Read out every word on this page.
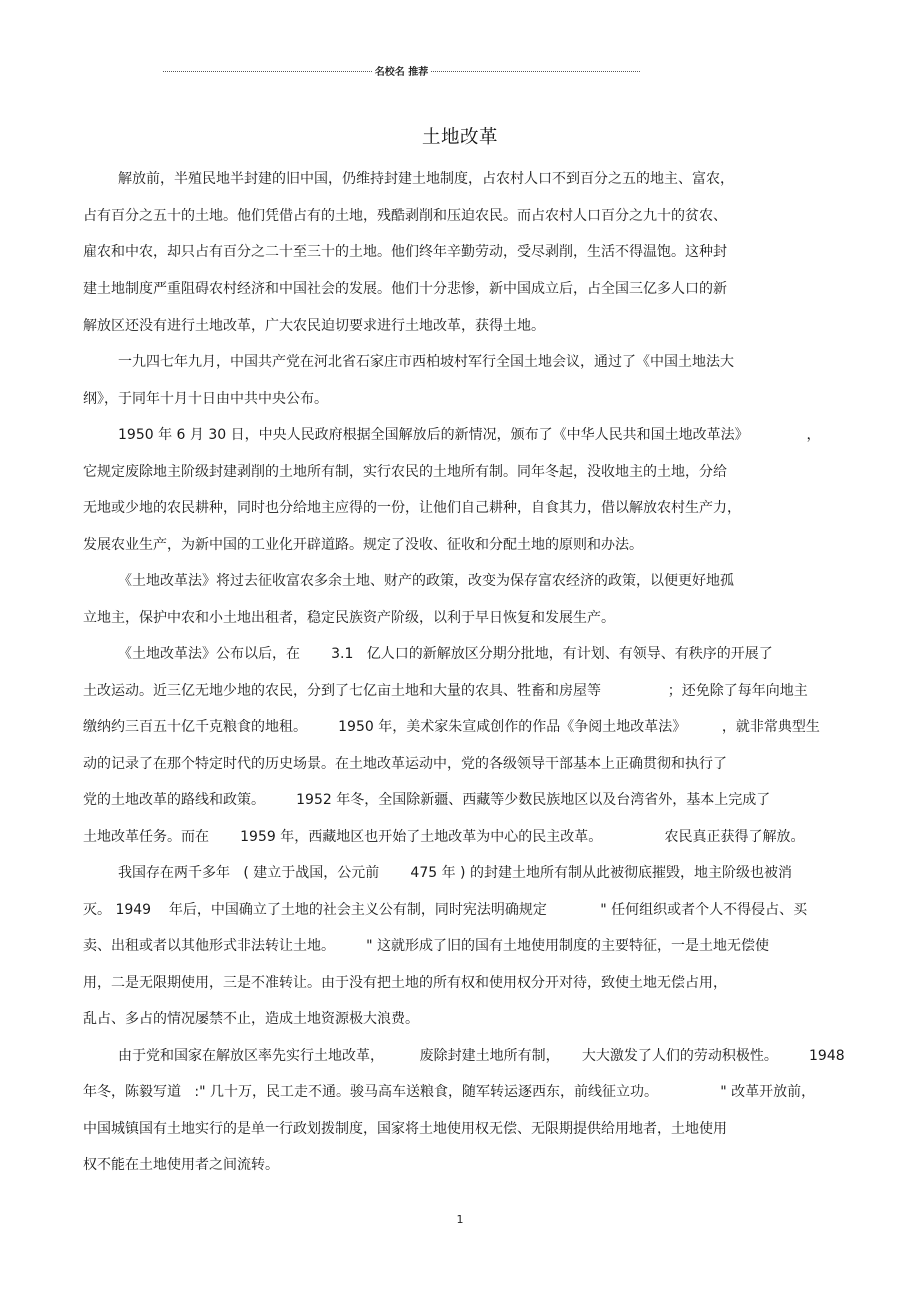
名校名 推荐
土地改革
解放前，半殖民地半封建的旧中国，仍维持封建土地制度，占农村人口不到百分之五的地主、富农，
占有百分之五十的土地。他们凭借占有的土地，残酷剥削和压迫农民。而占农村人口百分之九十的贫农、
雇农和中农，却只占有百分之二十至三十的土地。他们终年辛勤劳动，受尽剥削，生活不得温饱。这种封
建土地制度严重阻碍农村经济和中国社会的发展。他们十分悲惨，新中国成立后，占全国三亿多人口的新
解放区还没有进行土地改革，广大农民迫切要求进行土地改革，获得土地。
一九四七年九月，中国共产党在河北省石家庄市西柏坡村军行全国土地会议，通过了《中国土地法大
纲》，于同年十月十日由中共中央公布。
1950 年 6 月 30 日，中央人民政府根据全国解放后的新情况，颁布了《中华人民共和国土地改革法》             ，
它规定废除地主阶级封建剥削的土地所有制，实行农民的土地所有制。同年冬起，没收地主的土地，分给
无地或少地的农民耕种，同时也分给地主应得的一份，让他们自己耕种，自食其力，借以解放农村生产力，
发展农业生产，为新中国的工业化开辟道路。规定了没收、征收和分配土地的原则和办法。
《土地改革法》将过去征收富农多余土地、财产的政策，改变为保存富农经济的政策，以便更好地孤
立地主，保护中农和小土地出租者，稳定民族资产阶级，以利于早日恢复和发展生产。
《土地改革法》公布以后，在       3.1   亿人口的新解放区分期分批地，有计划、有领导、有秩序的开展了
土改运动。近三亿无地少地的农民，分到了七亿亩土地和大量的农具、牲畜和房屋等               ；还免除了每年向地主
缴纳约三百五十亿千克粮食的地租。       1950 年，美术家朱宣咸创作的作品《争阅土地改革法》        ，就非常典型生
动的记录了在那个特定时代的历史场景。在土地改革运动中，党的各级领导干部基本上正确贯彻和执行了
党的土地改革的路线和政策。       1952 年冬，全国除新疆、西藏等少数民族地区以及台湾省外，基本上完成了
土地改革任务。而在       1959 年，西藏地区也开始了土地改革为中心的民主改革。              农民真正获得了解放。
我国存在两千多年   ( 建立于战国，公元前       475 年 ) 的封建土地所有制从此被彻底摧毁，地主阶级也被消
灭。 1949    年后，中国确立了土地的社会主义公有制，同时宪法明确规定            " 任何组织或者个人不得侵占、买
卖、出租或者以其他形式非法转让土地。       " 这就形成了旧的国有土地使用制度的主要特征，一是土地无偿使
用，二是无限期使用，三是不准转让。由于没有把土地的所有权和使用权分开对待，致使土地无偿占用，
乱占、多占的情况屡禁不止，造成土地资源极大浪费。
由于党和国家在解放区率先实行土地改革，        废除封建土地所有制，     大大激发了人们的劳动积极性。       1948
年冬，陈毅写道   :" 几十万，民工走不通。骏马高车送粮食，随军转运逐西东，前线征立功。              " 改革开放前，
中国城镇国有土地实行的是单一行政划拨制度，国家将土地使用权无偿、无限期提供给用地者，土地使用
权不能在土地使用者之间流转。
1
